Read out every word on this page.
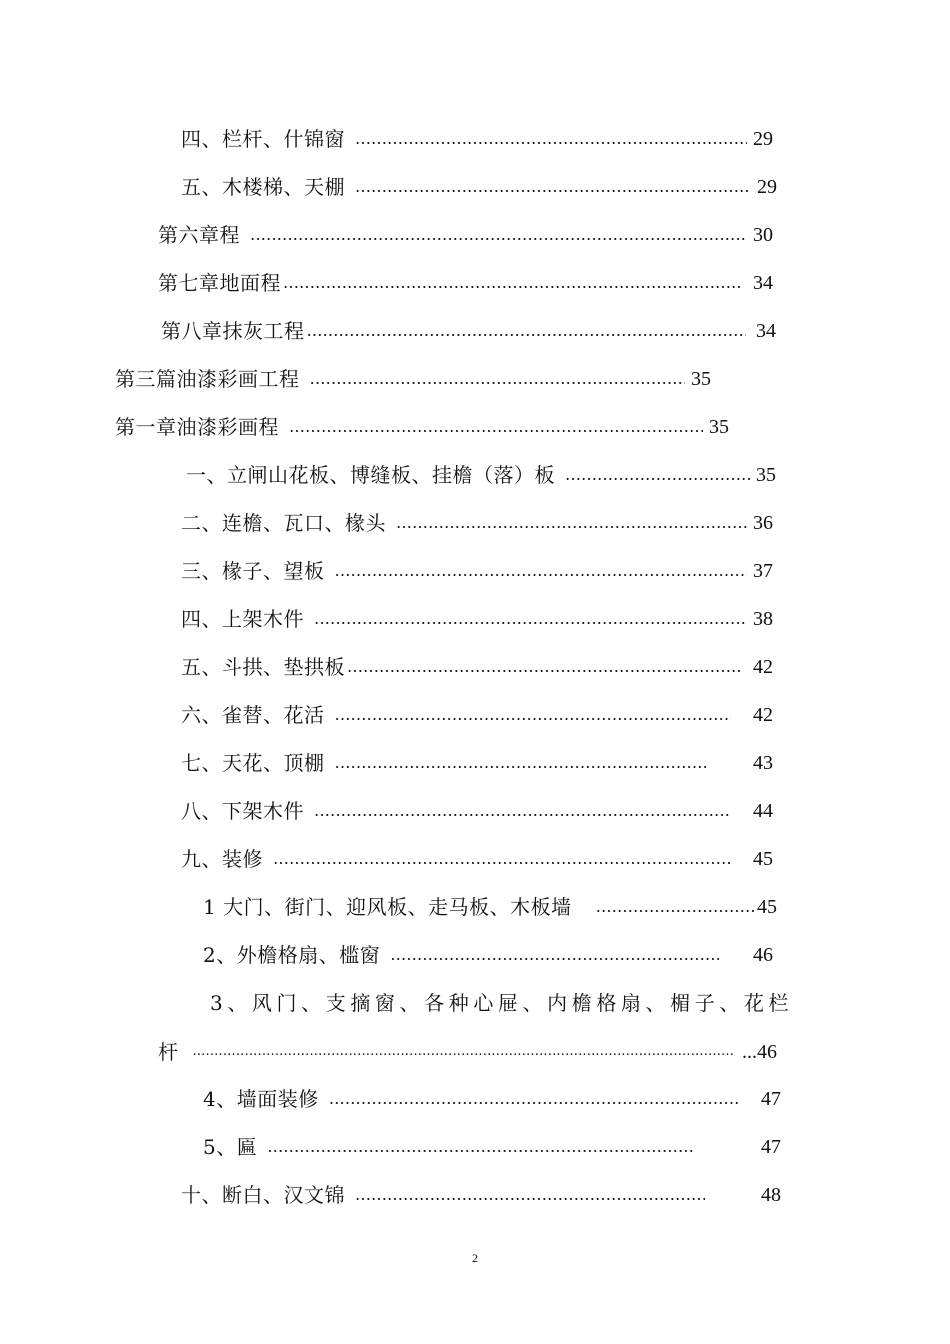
四、栏杆、什锦窗 ……………………………………………………………………………………………………………………………………………………	29
五、木楼梯、天棚 ……………………………………………………………………………………………………………………………………………………	29
第六章程 ……………………………………………………………………………………………………………………………………………………	30
第七章地面程 ……………………………………………………………………………………………………………………………………………………	34
第八章抹灰工程 ……………………………………………………………………………………………………………………………………………………	34
第三篇油漆彩画工程 ……………………………………………………………………………………………………………………………………………………	35
第一章油漆彩画程 ……………………………………………………………………………………………………………………………………………………	35
一、立闸山花板、博缝板、挂檐（落）板 ……………………………………………………………………………………………………………………………………………………	35
二、连檐、瓦口、椽头 ……………………………………………………………………………………………………………………………………………………	36
三、椽子、望板 ……………………………………………………………………………………………………………………………………………………	37
四、上架木件 ……………………………………………………………………………………………………………………………………………………	38
五、斗拱、垫拱板 ……………………………………………………………………………………………………………………………………………………	42
六、雀替、花活 ……………………………………………………………………………………………………………………………………………………	42
七、天花、顶棚 ……………………………………………………………………………………………………………………………………………………	43
八、下架木件 ……………………………………………………………………………………………………………………………………………………	44
九、装修 ……………………………………………………………………………………………………………………………………………………	45
1 大门、街门、迎风板、走马板、木板墙 ……………………………………………………………………………………………………………………………………………………	45
2、外檐格扇、槛窗 ……………………………………………………………………………………………………………………………………………………	46
3、风门、支摘窗、各种心屉、内檐格扇、楣子、花栏
杆 .....	...46
4、墙面装修 ……………………………………………………………………………………………………………………………………………………	47
5、匾 ……………………………………………………………………………………………………………………………………………………	47
十、断白、汉文锦 ……………………………………………………………………………………………………………………………………………………	48
2
